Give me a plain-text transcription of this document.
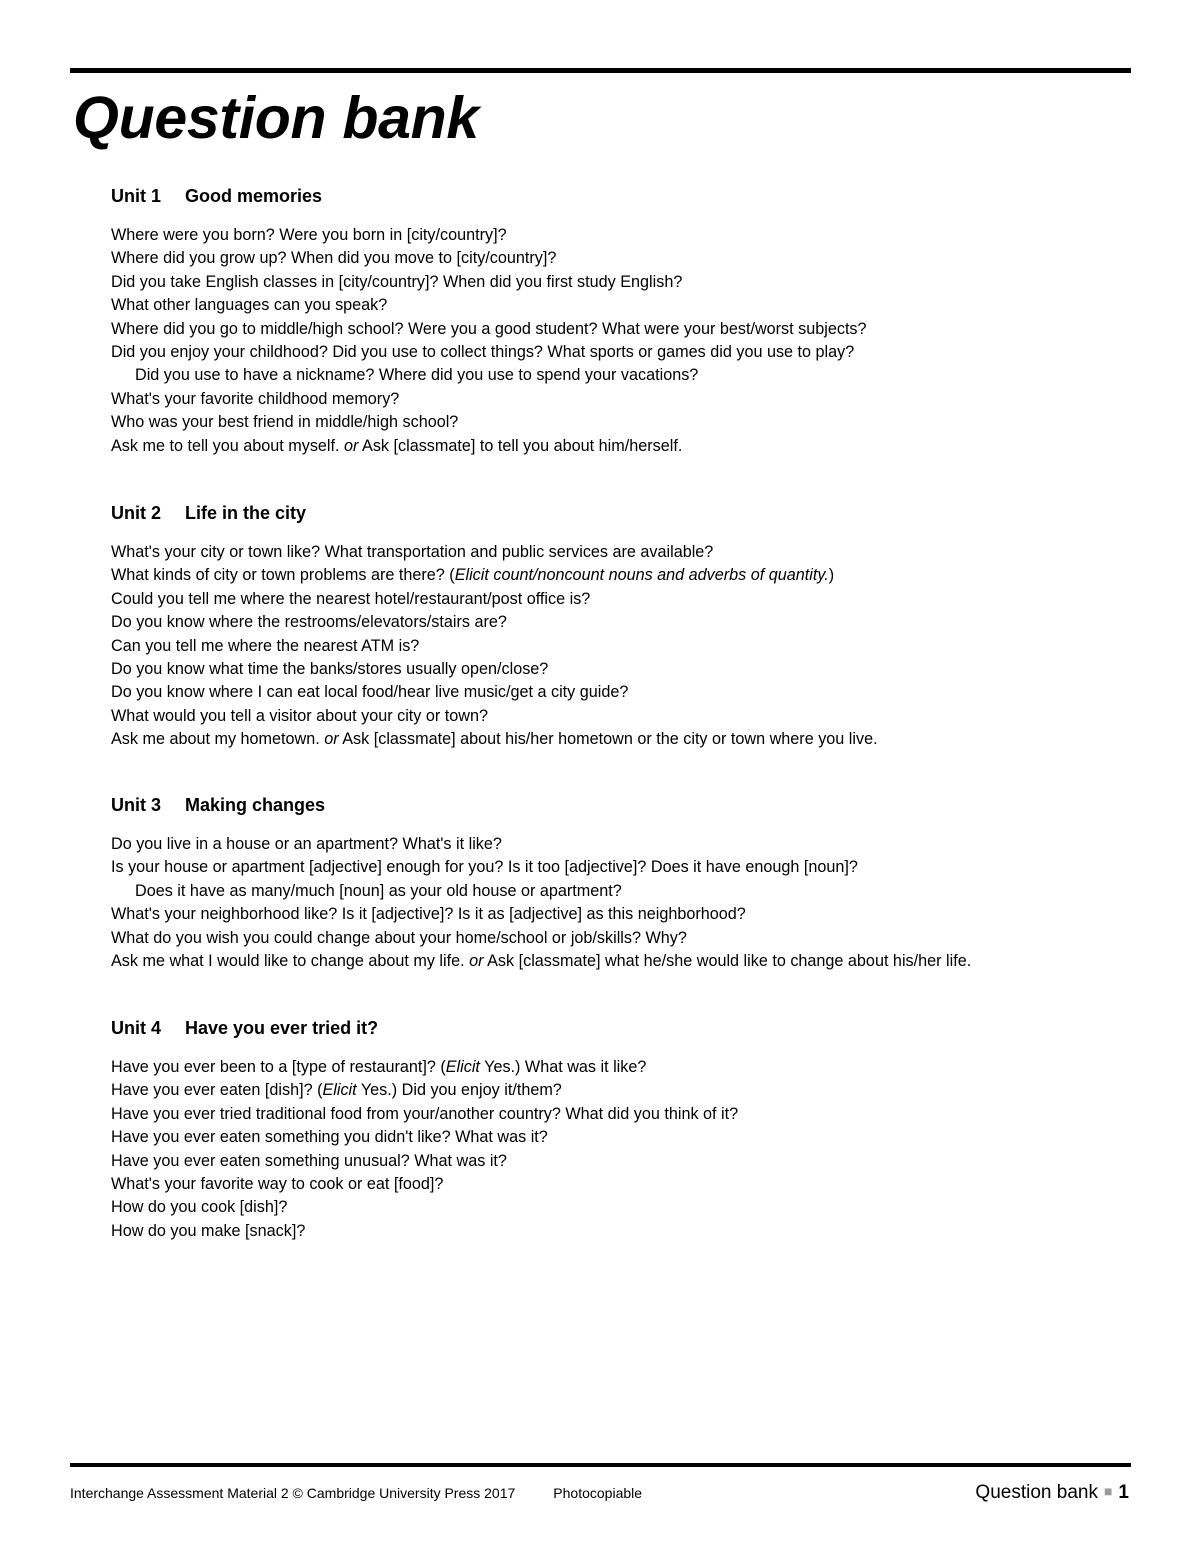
Question bank
Unit 1 Good memories
Where were you born? Were you born in [city/country]?
Where did you grow up? When did you move to [city/country]?
Did you take English classes in [city/country]? When did you first study English?
What other languages can you speak?
Where did you go to middle/high school? Were you a good student? What were your best/worst subjects?
Did you enjoy your childhood? Did you use to collect things? What sports or games did you use to play?
Did you use to have a nickname? Where did you use to spend your vacations?
What's your favorite childhood memory?
Who was your best friend in middle/high school?
Ask me to tell you about myself. or Ask [classmate] to tell you about him/herself.
Unit 2 Life in the city
What's your city or town like? What transportation and public services are available?
What kinds of city or town problems are there? (Elicit count/noncount nouns and adverbs of quantity.)
Could you tell me where the nearest hotel/restaurant/post office is?
Do you know where the restrooms/elevators/stairs are?
Can you tell me where the nearest ATM is?
Do you know what time the banks/stores usually open/close?
Do you know where I can eat local food/hear live music/get a city guide?
What would you tell a visitor about your city or town?
Ask me about my hometown. or Ask [classmate] about his/her hometown or the city or town where you live.
Unit 3 Making changes
Do you live in a house or an apartment? What's it like?
Is your house or apartment [adjective] enough for you? Is it too [adjective]? Does it have enough [noun]?
Does it have as many/much [noun] as your old house or apartment?
What's your neighborhood like? Is it [adjective]? Is it as [adjective] as this neighborhood?
What do you wish you could change about your home/school or job/skills? Why?
Ask me what I would like to change about my life. or Ask [classmate] what he/she would like to change about his/her life.
Unit 4 Have you ever tried it?
Have you ever been to a [type of restaurant]? (Elicit Yes.) What was it like?
Have you ever eaten [dish]? (Elicit Yes.) Did you enjoy it/them?
Have you ever tried traditional food from your/another country? What did you think of it?
Have you ever eaten something you didn't like? What was it?
Have you ever eaten something unusual? What was it?
What's your favorite way to cook or eat [food]?
How do you cook [dish]?
How do you make [snack]?
Interchange Assessment Material 2 © Cambridge University Press 2017	Photocopiable	Question bank ■ 1
